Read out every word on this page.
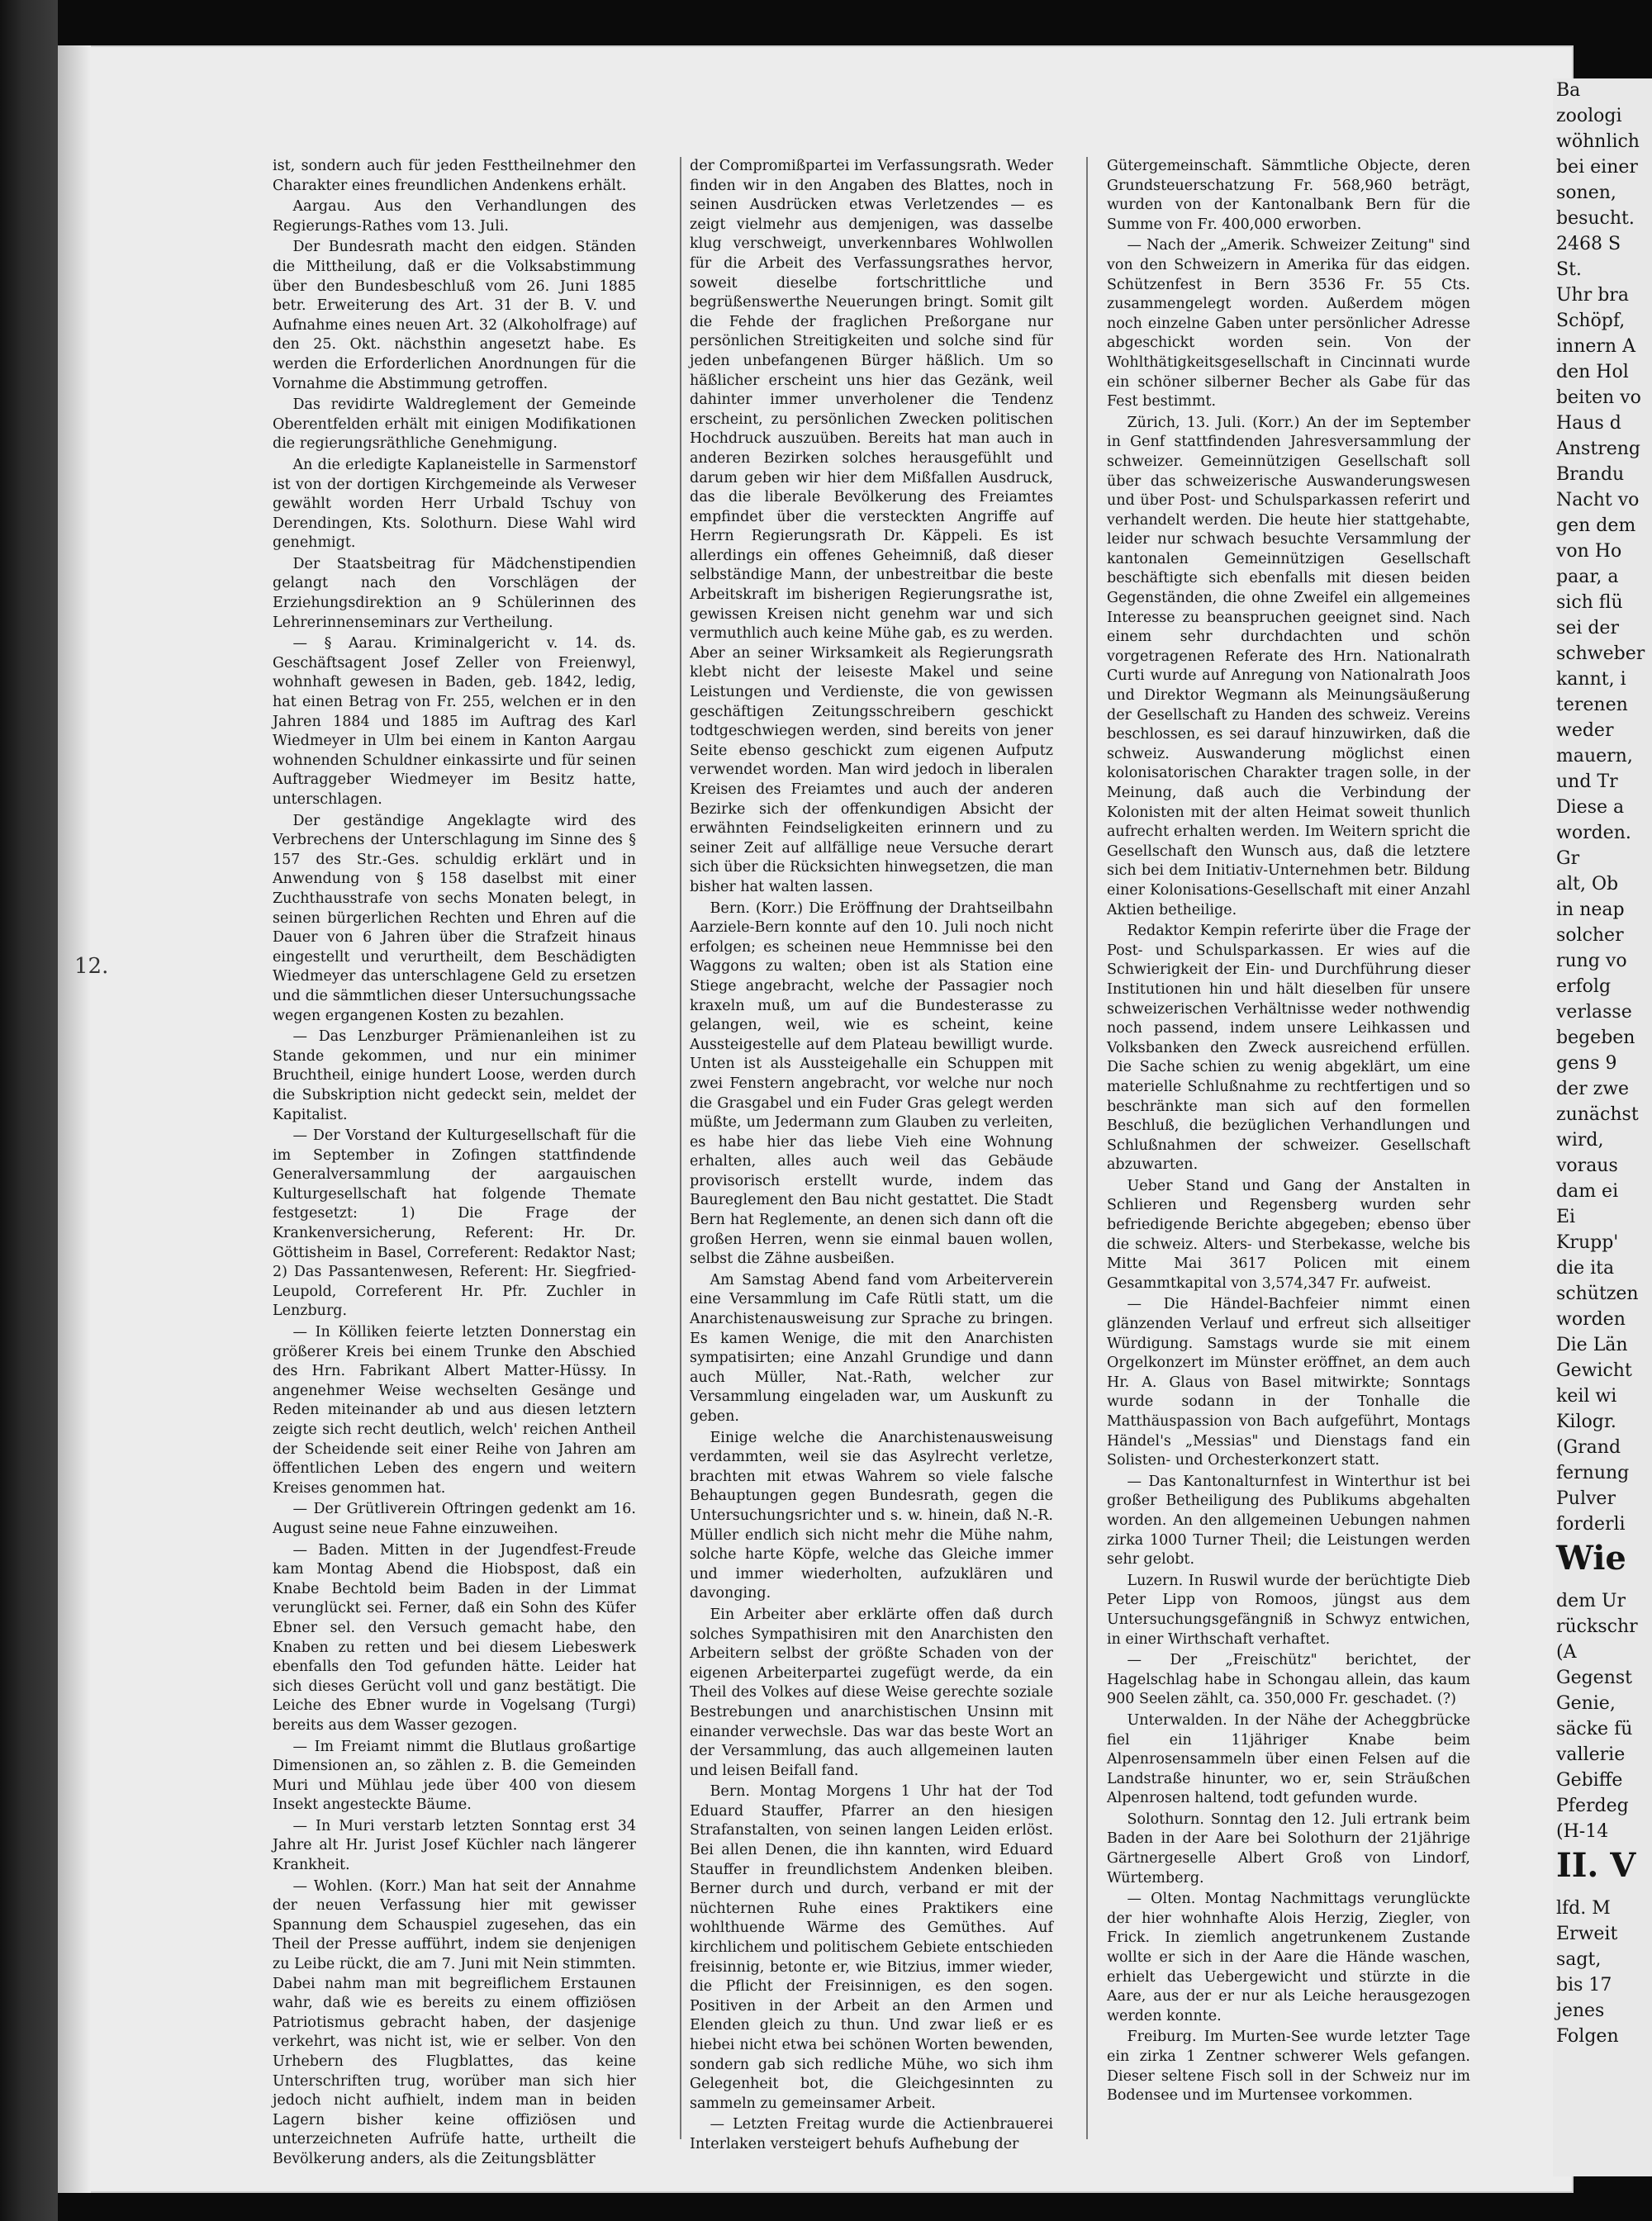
12.

ist, sondern auch für jeden Festtheilnehmer den Charakter eines freundlichen Andenkens erhält.

Aargau. Aus den Verhandlungen des Regierungs-Rathes vom 13. Juli.

Der Bundesrath macht den eidgen. Ständen die Mittheilung, daß er die Volksabstimmung über den Bundesbeschluß vom 26. Juni 1885 betr. Erweiterung des Art. 31 der B. V. und Aufnahme eines neuen Art. 32 (Alkoholfrage) auf den 25. Okt. nächsthin angesetzt habe. Es werden die Erforderlichen Anordnungen für die Vornahme die Abstimmung getroffen.

Das revidirte Waldreglement der Gemeinde Oberentfelden erhält mit einigen Modifikationen die regierungsräthliche Genehmigung.

An die erledigte Kaplaneistelle in Sarmenstorf ist von der dortigen Kirchgemeinde als Verweser gewählt worden Herr Urbald Tschuy von Derendingen, Kts. Solothurn. Diese Wahl wird genehmigt.

Der Staatsbeitrag für Mädchenstipendien gelangt nach den Vorschlägen der Erziehungsdirektion an 9 Schülerinnen des Lehrerinnenseminars zur Vertheilung.

— § Aarau. Kriminalgericht v. 14. ds. Geschäftsagent Josef Zeller von Freienwyl, wohnhaft gewesen in Baden, geb. 1842, ledig, hat einen Betrag von Fr. 255, welchen er in den Jahren 1884 und 1885 im Auftrag des Karl Wiedmeyer in Ulm bei einem in Kanton Aargau wohnenden Schuldner einkassirte und für seinen Auftraggeber Wiedmeyer im Besitz hatte, unterschlagen.

Der geständige Angeklagte wird des Verbrechens der Unterschlagung im Sinne des § 157 des Str.-Ges. schuldig erklärt und in Anwendung von § 158 daselbst mit einer Zuchthausstrafe von sechs Monaten belegt, in seinen bürgerlichen Rechten und Ehren auf die Dauer von 6 Jahren über die Strafzeit hinaus eingestellt und verurtheilt, dem Beschädigten Wiedmeyer das unterschlagene Geld zu ersetzen und die sämmtlichen dieser Untersuchungssache wegen ergangenen Kosten zu bezahlen.

— Das Lenzburger Prämienanleihen ist zu Stande gekommen, und nur ein minimer Bruchtheil, einige hundert Loose, werden durch die Subskription nicht gedeckt sein, meldet der Kapitalist.

— Der Vorstand der Kulturgesellschaft für die im September in Zofingen stattfindende Generalversammlung der aargauischen Kulturgesellschaft hat folgende Themate festgesetzt: 1) Die Frage der Krankenversicherung, Referent: Hr. Dr. Göttisheim in Basel, Correferent: Redaktor Nast; 2) Das Passantenwesen, Referent: Hr. Siegfried-Leupold, Correferent Hr. Pfr. Zuchler in Lenzburg.

— In Kölliken feierte letzten Donnerstag ein größerer Kreis bei einem Trunke den Abschied des Hrn. Fabrikant Albert Matter-Hüssy. In angenehmer Weise wechselten Gesänge und Reden miteinander ab und aus diesen letztern zeigte sich recht deutlich, welch' reichen Antheil der Scheidende seit einer Reihe von Jahren am öffentlichen Leben des engern und weitern Kreises genommen hat.

— Der Grütliverein Oftringen gedenkt am 16. August seine neue Fahne einzuweihen.

— Baden. Mitten in der Jugendfest-Freude kam Montag Abend die Hiobspost, daß ein Knabe Bechtold beim Baden in der Limmat verunglückt sei. Ferner, daß ein Sohn des Küfer Ebner sel. den Versuch gemacht habe, den Knaben zu retten und bei diesem Liebeswerk ebenfalls den Tod gefunden hätte. Leider hat sich dieses Gerücht voll und ganz bestätigt. Die Leiche des Ebner wurde in Vogelsang (Turgi) bereits aus dem Wasser gezogen.

— Im Freiamt nimmt die Blutlaus großartige Dimensionen an, so zählen z. B. die Gemeinden Muri und Mühlau jede über 400 von diesem Insekt angesteckte Bäume.

— In Muri verstarb letzten Sonntag erst 34 Jahre alt Hr. Jurist Josef Küchler nach längerer Krankheit.

— Wohlen. (Korr.) Man hat seit der Annahme der neuen Verfassung hier mit gewisser Spannung dem Schauspiel zugesehen, das ein Theil der Presse aufführt, indem sie denjenigen zu Leibe rückt, die am 7. Juni mit Nein stimmten. Dabei nahm man mit begreiflichem Erstaunen wahr, daß wie es bereits zu einem offiziösen Patriotismus gebracht haben, der dasjenige verkehrt, was nicht ist, wie er selber. Von den Urhebern des Flugblattes, das keine Unterschriften trug, worüber man sich hier jedoch nicht aufhielt, indem man in beiden Lagern bisher keine offiziösen und unterzeichneten Aufrüfe hatte, urtheilt die Bevölkerung anders, als die Zeitungsblätter

der Compromißpartei im Verfassungsrath. Weder finden wir in den Angaben des Blattes, noch in seinen Ausdrücken etwas Verletzendes — es zeigt vielmehr aus demjenigen, was dasselbe klug verschweigt, unverkennbares Wohlwollen für die Arbeit des Verfassungsrathes hervor, soweit dieselbe fortschrittliche und begrüßenswerthe Neuerungen bringt. Somit gilt die Fehde der fraglichen Preßorgane nur persönlichen Streitigkeiten und solche sind für jeden unbefangenen Bürger häßlich. Um so häßlicher erscheint uns hier das Gezänk, weil dahinter immer unverholener die Tendenz erscheint, zu persönlichen Zwecken politischen Hochdruck auszuüben. Bereits hat man auch in anderen Bezirken solches herausgefühlt und darum geben wir hier dem Mißfallen Ausdruck, das die liberale Bevölkerung des Freiamtes empfindet über die versteckten Angriffe auf Herrn Regierungsrath Dr. Käppeli. Es ist allerdings ein offenes Geheimniß, daß dieser selbständige Mann, der unbestreitbar die beste Arbeitskraft im bisherigen Regierungsrathe ist, gewissen Kreisen nicht genehm war und sich vermuthlich auch keine Mühe gab, es zu werden. Aber an seiner Wirksamkeit als Regierungsrath klebt nicht der leiseste Makel und seine Leistungen und Verdienste, die von gewissen geschäftigen Zeitungsschreibern geschickt todtgeschwiegen werden, sind bereits von jener Seite ebenso geschickt zum eigenen Aufputz verwendet worden. Man wird jedoch in liberalen Kreisen des Freiamtes und auch der anderen Bezirke sich der offenkundigen Absicht der erwähnten Feindseligkeiten erinnern und zu seiner Zeit auf allfällige neue Versuche derart sich über die Rücksichten hinwegsetzen, die man bisher hat walten lassen.

Bern. (Korr.) Die Eröffnung der Drahtseilbahn Aarziele-Bern konnte auf den 10. Juli noch nicht erfolgen; es scheinen neue Hemmnisse bei den Waggons zu walten; oben ist als Station eine Stiege angebracht, welche der Passagier noch kraxeln muß, um auf die Bundesterasse zu gelangen, weil, wie es scheint, keine Aussteigestelle auf dem Plateau bewilligt wurde. Unten ist als Aussteigehalle ein Schuppen mit zwei Fenstern angebracht, vor welche nur noch die Grasgabel und ein Fuder Gras gelegt werden müßte, um Jedermann zum Glauben zu verleiten, es habe hier das liebe Vieh eine Wohnung erhalten, alles auch weil das Gebäude provisorisch erstellt wurde, indem das Baureglement den Bau nicht gestattet. Die Stadt Bern hat Reglemente, an denen sich dann oft die großen Herren, wenn sie einmal bauen wollen, selbst die Zähne ausbeißen.

Am Samstag Abend fand vom Arbeiterverein eine Versammlung im Cafe Rütli statt, um die Anarchistenausweisung zur Sprache zu bringen. Es kamen Wenige, die mit den Anarchisten sympatisirten; eine Anzahl Grundige und dann auch Müller, Nat.-Rath, welcher zur Versammlung eingeladen war, um Auskunft zu geben.

Einige welche die Anarchistenausweisung verdammten, weil sie das Asylrecht verletze, brachten mit etwas Wahrem so viele falsche Behauptungen gegen Bundesrath, gegen die Untersuchungsrichter und s. w. hinein, daß N.-R. Müller endlich sich nicht mehr die Mühe nahm, solche harte Köpfe, welche das Gleiche immer und immer wiederholten, aufzuklären und davonging.

Ein Arbeiter aber erklärte offen daß durch solches Sympathisiren mit den Anarchisten den Arbeitern selbst der größte Schaden von der eigenen Arbeiterpartei zugefügt werde, da ein Theil des Volkes auf diese Weise gerechte soziale Bestrebungen und anarchistischen Unsinn mit einander verwechsle. Das war das beste Wort an der Versammlung, das auch allgemeinen lauten und leisen Beifall fand.

Bern. Montag Morgens 1 Uhr hat der Tod Eduard Stauffer, Pfarrer an den hiesigen Strafanstalten, von seinen langen Leiden erlöst. Bei allen Denen, die ihn kannten, wird Eduard Stauffer in freundlichstem Andenken bleiben. Berner durch und durch, verband er mit der nüchternen Ruhe eines Praktikers eine wohlthuende Wärme des Gemüthes. Auf kirchlichem und politischem Gebiete entschieden freisinnig, betonte er, wie Bitzius, immer wieder, die Pflicht der Freisinnigen, es den sogen. Positiven in der Arbeit an den Armen und Elenden gleich zu thun. Und zwar ließ er es hiebei nicht etwa bei schönen Worten bewenden, sondern gab sich redliche Mühe, wo sich ihm Gelegenheit bot, die Gleichgesinnten zu sammeln zu gemeinsamer Arbeit.

— Letzten Freitag wurde die Actienbrauerei Interlaken versteigert behufs Aufhebung der

Gütergemeinschaft. Sämmtliche Objecte, deren Grundsteuerschatzung Fr. 568,960 beträgt, wurden von der Kantonalbank Bern für die Summe von Fr. 400,000 erworben.

— Nach der „Amerik. Schweizer Zeitung" sind von den Schweizern in Amerika für das eidgen. Schützenfest in Bern 3536 Fr. 55 Cts. zusammengelegt worden. Außerdem mögen noch einzelne Gaben unter persönlicher Adresse abgeschickt worden sein. Von der Wohlthätigkeitsgesellschaft in Cincinnati wurde ein schöner silberner Becher als Gabe für das Fest bestimmt.

Zürich, 13. Juli. (Korr.) An der im September in Genf stattfindenden Jahresversammlung der schweizer. Gemeinnützigen Gesellschaft soll über das schweizerische Auswanderungswesen und über Post- und Schulsparkassen referirt und verhandelt werden. Die heute hier stattgehabte, leider nur schwach besuchte Versammlung der kantonalen Gemeinnützigen Gesellschaft beschäftigte sich ebenfalls mit diesen beiden Gegenständen, die ohne Zweifel ein allgemeines Interesse zu beanspruchen geeignet sind. Nach einem sehr durchdachten und schön vorgetragenen Referate des Hrn. Nationalrath Curti wurde auf Anregung von Nationalrath Joos und Direktor Wegmann als Meinungsäußerung der Gesellschaft zu Handen des schweiz. Vereins beschlossen, es sei darauf hinzuwirken, daß die schweiz. Auswanderung möglichst einen kolonisatorischen Charakter tragen solle, in der Meinung, daß auch die Verbindung der Kolonisten mit der alten Heimat soweit thunlich aufrecht erhalten werden. Im Weitern spricht die Gesellschaft den Wunsch aus, daß die letztere sich bei dem Initiativ-Unternehmen betr. Bildung einer Kolonisations-Gesellschaft mit einer Anzahl Aktien betheilige.

Redaktor Kempin referirte über die Frage der Post- und Schulsparkassen. Er wies auf die Schwierigkeit der Ein- und Durchführung dieser Institutionen hin und hält dieselben für unsere schweizerischen Verhältnisse weder nothwendig noch passend, indem unsere Leihkassen und Volksbanken den Zweck ausreichend erfüllen. Die Sache schien zu wenig abgeklärt, um eine materielle Schlußnahme zu rechtfertigen und so beschränkte man sich auf den formellen Beschluß, die bezüglichen Verhandlungen und Schlußnahmen der schweizer. Gesellschaft abzuwarten.

Ueber Stand und Gang der Anstalten in Schlieren und Regensberg wurden sehr befriedigende Berichte abgegeben; ebenso über die schweiz. Alters- und Sterbekasse, welche bis Mitte Mai 3617 Policen mit einem Gesammtkapital von 3,574,347 Fr. aufweist.

— Die Händel-Bachfeier nimmt einen glänzenden Verlauf und erfreut sich allseitiger Würdigung. Samstags wurde sie mit einem Orgelkonzert im Münster eröffnet, an dem auch Hr. A. Glaus von Basel mitwirkte; Sonntags wurde sodann in der Tonhalle die Matthäuspassion von Bach aufgeführt, Montags Händel's „Messias" und Dienstags fand ein Solisten- und Orchesterkonzert statt.

— Das Kantonalturnfest in Winterthur ist bei großer Betheiligung des Publikums abgehalten worden. An den allgemeinen Uebungen nahmen zirka 1000 Turner Theil; die Leistungen werden sehr gelobt.

Luzern. In Ruswil wurde der berüchtigte Dieb Peter Lipp von Romoos, jüngst aus dem Untersuchungsgefängniß in Schwyz entwichen, in einer Wirthschaft verhaftet.

— Der „Freischütz" berichtet, der Hagelschlag habe in Schongau allein, das kaum 900 Seelen zählt, ca. 350,000 Fr. geschadet. (?)

Unterwalden. In der Nähe der Acheggbrücke fiel ein 11jähriger Knabe beim Alpenrosensammeln über einen Felsen auf die Landstraße hinunter, wo er, sein Sträußchen Alpenrosen haltend, todt gefunden wurde.

Solothurn. Sonntag den 12. Juli ertrank beim Baden in der Aare bei Solothurn der 21jährige Gärtnergeselle Albert Groß von Lindorf, Würtemberg.

— Olten. Montag Nachmittags verunglückte der hier wohnhafte Alois Herzig, Ziegler, von Frick. In ziemlich angetrunkenem Zustande wollte er sich in der Aare die Hände waschen, erhielt das Uebergewicht und stürzte in die Aare, aus der er nur als Leiche herausgezogen werden konnte.

Freiburg. Im Murten-See wurde letzter Tage ein zirka 1 Zentner schwerer Wels gefangen. Dieser seltene Fisch soll in der Schweiz nur im Bodensee und im Murtensee vorkommen.

Ba
zoologi
wöhnlich
bei einer
sonen,
besucht.
2468 S
St.
Uhr bra
Schöpf,
innern A
den Hol
beiten vo
Haus d
Anstreng
Brandu
Nacht vo
gen dem
von Ho
paar, a
sich flü
sei der
schweber
kannt, i
terenen
weder
mauern,
und Tr
Diese a
worden.
Gr
alt, Ob
in neap
solcher
rung vo
erfolg
verlasse
begeben
gens 9
der zwe
zunächst
wird,
voraus
dam ei
Ei
Krupp'
die ita
schützen
worden
Die Län
Gewicht
keil wi
Kilogr.
(Grand
fernung
Pulver
forderli
Wie
dem Ur
rückschr
(A
Gegenst
Genie,
säcke fü
vallerie
Gebiffe
Pferdeg
(H-14
II. V
lfd. M
Erweit
sagt,
bis 17
jenes
Folgen
